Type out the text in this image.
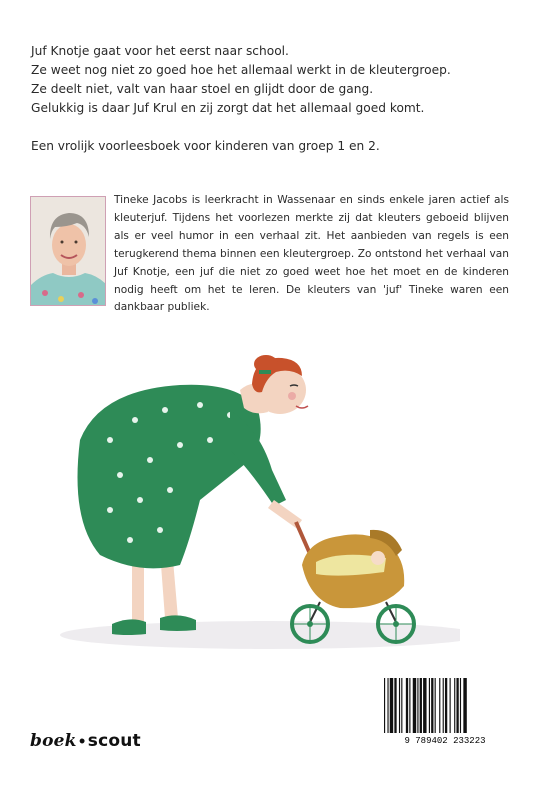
Juf Knotje gaat voor het eerst naar school.

Ze weet nog niet zo goed hoe het allemaal werkt in de kleutergroep.

Ze deelt niet, valt van haar stoel en glijdt door de gang.

Gelukkig is daar Juf Krul en zij zorgt dat het allemaal goed komt.

Een vrolijk voorleesboek voor kinderen van groep 1 en 2.

Tineke Jacobs is leerkracht in Wassenaar en sinds enkele jaren actief als kleuterjuf. Tijdens het voorlezen merkte zij dat kleuters geboeid blijven als er veel humor in een verhaal zit. Het aanbieden van regels is een terugkerend thema binnen een kleutergroep. Zo ontstond het verhaal van Juf Knotje, een juf die niet zo goed weet hoe het moet en de kinderen nodig heeft om het te leren. De kleuters van 'juf' Tineke waren een dankbaar publiek.

9 789402 233223
boek•scout
